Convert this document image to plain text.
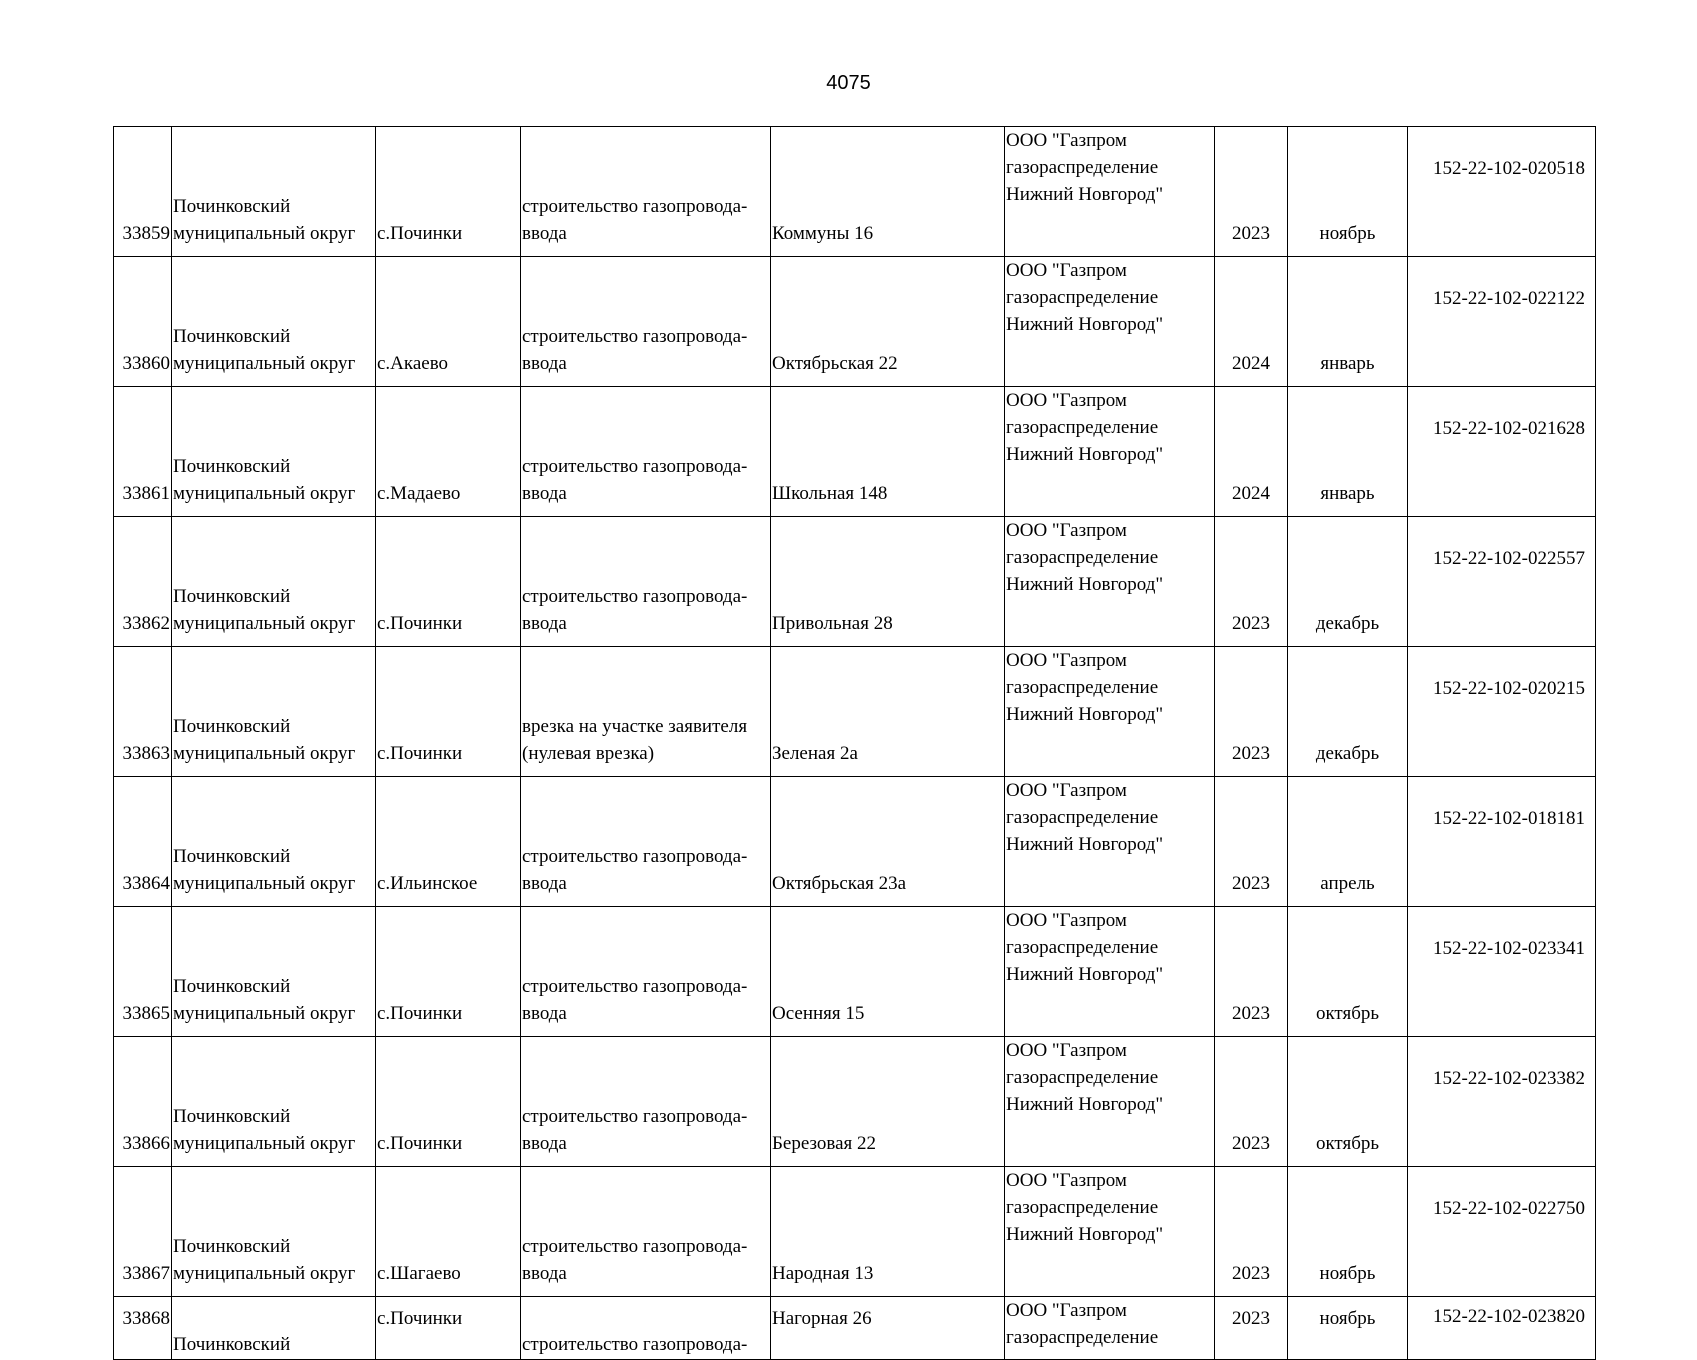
4075
33859	Починковский
муниципальный округ	с.Починки	строительство газопровода-
ввода	Коммуны 16	ООО "Газпром
газораспределение
Нижний Новгород"	2023	ноябрь	152-22-102-020518
33860	Починковский
муниципальный округ	с.Акаево	строительство газопровода-
ввода	Октябрьская 22	ООО "Газпром
газораспределение
Нижний Новгород"	2024	январь	152-22-102-022122
33861	Починковский
муниципальный округ	с.Мадаево	строительство газопровода-
ввода	Школьная 148	ООО "Газпром
газораспределение
Нижний Новгород"	2024	январь	152-22-102-021628
33862	Починковский
муниципальный округ	с.Починки	строительство газопровода-
ввода	Привольная 28	ООО "Газпром
газораспределение
Нижний Новгород"	2023	декабрь	152-22-102-022557
33863	Починковский
муниципальный округ	с.Починки	врезка на участке заявителя
(нулевая врезка)	Зеленая 2а	ООО "Газпром
газораспределение
Нижний Новгород"	2023	декабрь	152-22-102-020215
33864	Починковский
муниципальный округ	с.Ильинское	строительство газопровода-
ввода	Октябрьская 23а	ООО "Газпром
газораспределение
Нижний Новгород"	2023	апрель	152-22-102-018181
33865	Починковский
муниципальный округ	с.Починки	строительство газопровода-
ввода	Осенняя 15	ООО "Газпром
газораспределение
Нижний Новгород"	2023	октябрь	152-22-102-023341
33866	Починковский
муниципальный округ	с.Починки	строительство газопровода-
ввода	Березовая 22	ООО "Газпром
газораспределение
Нижний Новгород"	2023	октябрь	152-22-102-023382
33867	Починковский
муниципальный округ	с.Шагаево	строительство газопровода-
ввода	Народная 13	ООО "Газпром
газораспределение
Нижний Новгород"	2023	ноябрь	152-22-102-022750
33868	Починковский	с.Починки	строительство газопровода-	Нагорная 26	ООО "Газпром
газораспределение	2023	ноябрь	152-22-102-023820
